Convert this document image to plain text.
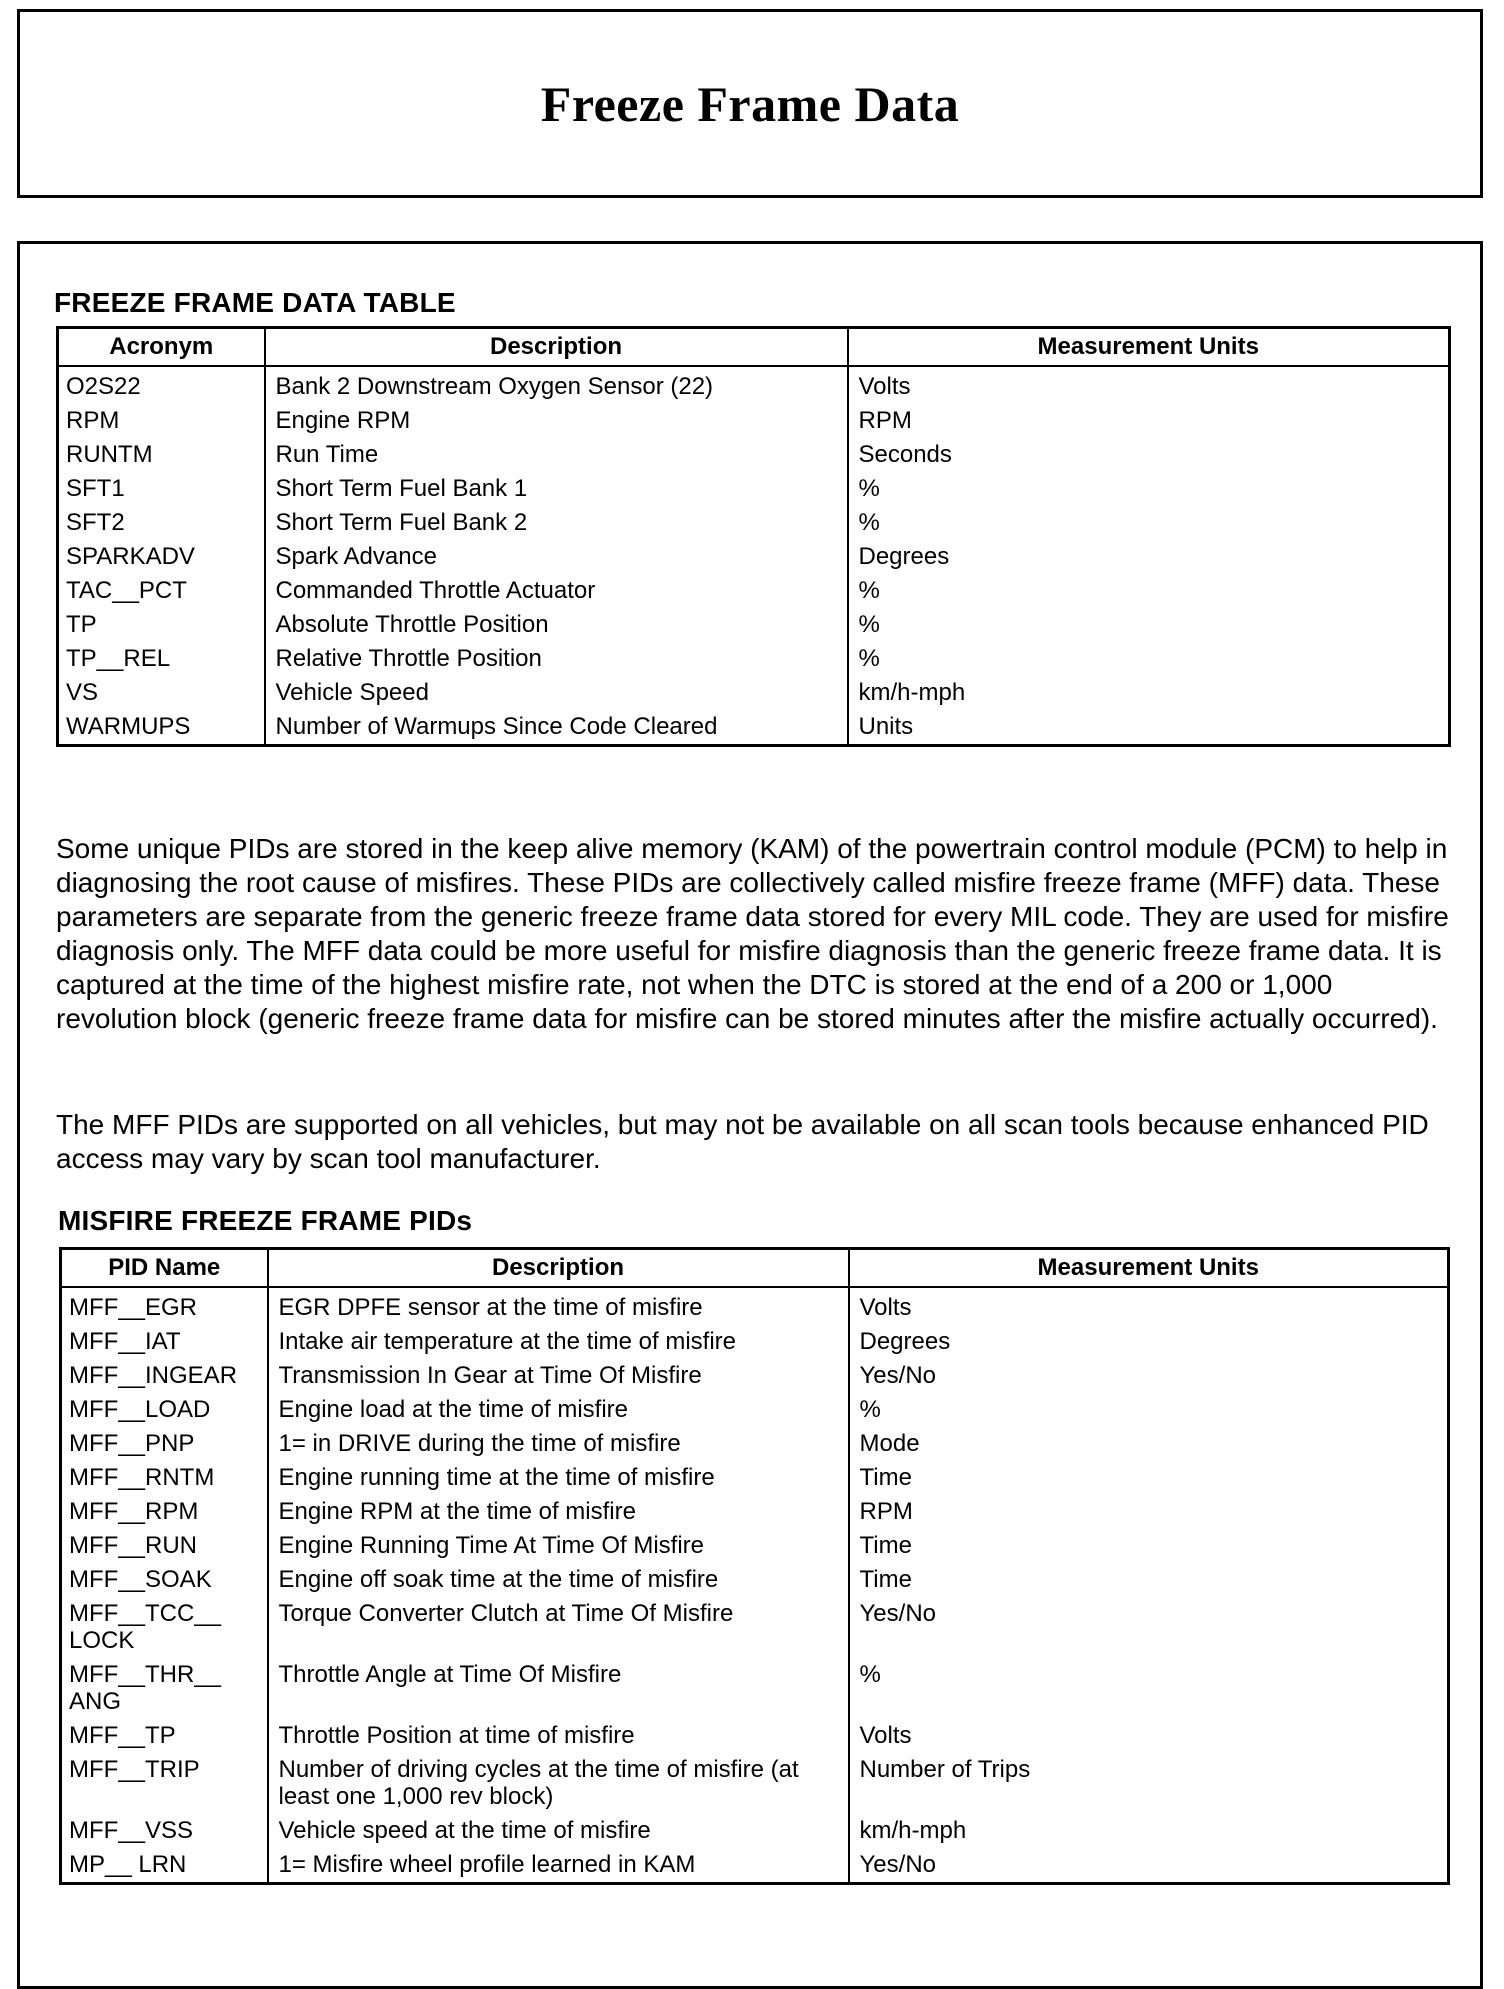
Freeze Frame Data
FREEZE FRAME DATA TABLE
Acronym	Description	Measurement Units
O2S22	Bank 2 Downstream Oxygen Sensor (22)	Volts
RPM	Engine RPM	RPM
RUNTM	Run Time	Seconds
SFT1	Short Term Fuel Bank 1	%
SFT2	Short Term Fuel Bank 2	%
SPARKADV	Spark Advance	Degrees
TAC__PCT	Commanded Throttle Actuator	%
TP	Absolute Throttle Position	%
TP__REL	Relative Throttle Position	%
VS	Vehicle Speed	km/h-mph
WARMUPS	Number of Warmups Since Code Cleared	Units

Some unique PIDs are stored in the keep alive memory (KAM) of the powertrain control module (PCM) to help in diagnosing the root cause of misfires. These PIDs are collectively called misfire freeze frame (MFF) data. These parameters are separate from the generic freeze frame data stored for every MIL code. They are used for misfire diagnosis only. The MFF data could be more useful for misfire diagnosis than the generic freeze frame data. It is captured at the time of the highest misfire rate, not when the DTC is stored at the end of a 200 or 1,000 revolution block (generic freeze frame data for misfire can be stored minutes after the misfire actually occurred).

The MFF PIDs are supported on all vehicles, but may not be available on all scan tools because enhanced PID access may vary by scan tool manufacturer.

MISFIRE FREEZE FRAME PIDs
PID Name	Description	Measurement Units
MFF__EGR	EGR DPFE sensor at the time of misfire	Volts
MFF__IAT	Intake air temperature at the time of misfire	Degrees
MFF__INGEAR	Transmission In Gear at Time Of Misfire	Yes/No
MFF__LOAD	Engine load at the time of misfire	%
MFF__PNP	1= in DRIVE during the time of misfire	Mode
MFF__RNTM	Engine running time at the time of misfire	Time
MFF__RPM	Engine RPM at the time of misfire	RPM
MFF__RUN	Engine Running Time At Time Of Misfire	Time
MFF__SOAK	Engine off soak time at the time of misfire	Time
MFF__TCC__ LOCK	Torque Converter Clutch at Time Of Misfire	Yes/No
MFF__THR__ ANG	Throttle Angle at Time Of Misfire	%
MFF__TP	Throttle Position at time of misfire	Volts
MFF__TRIP	Number of driving cycles at the time of misfire (at least one 1,000 rev block)	Number of Trips
MFF__VSS	Vehicle speed at the time of misfire	km/h-mph
MP__ LRN	1= Misfire wheel profile learned in KAM	Yes/No
